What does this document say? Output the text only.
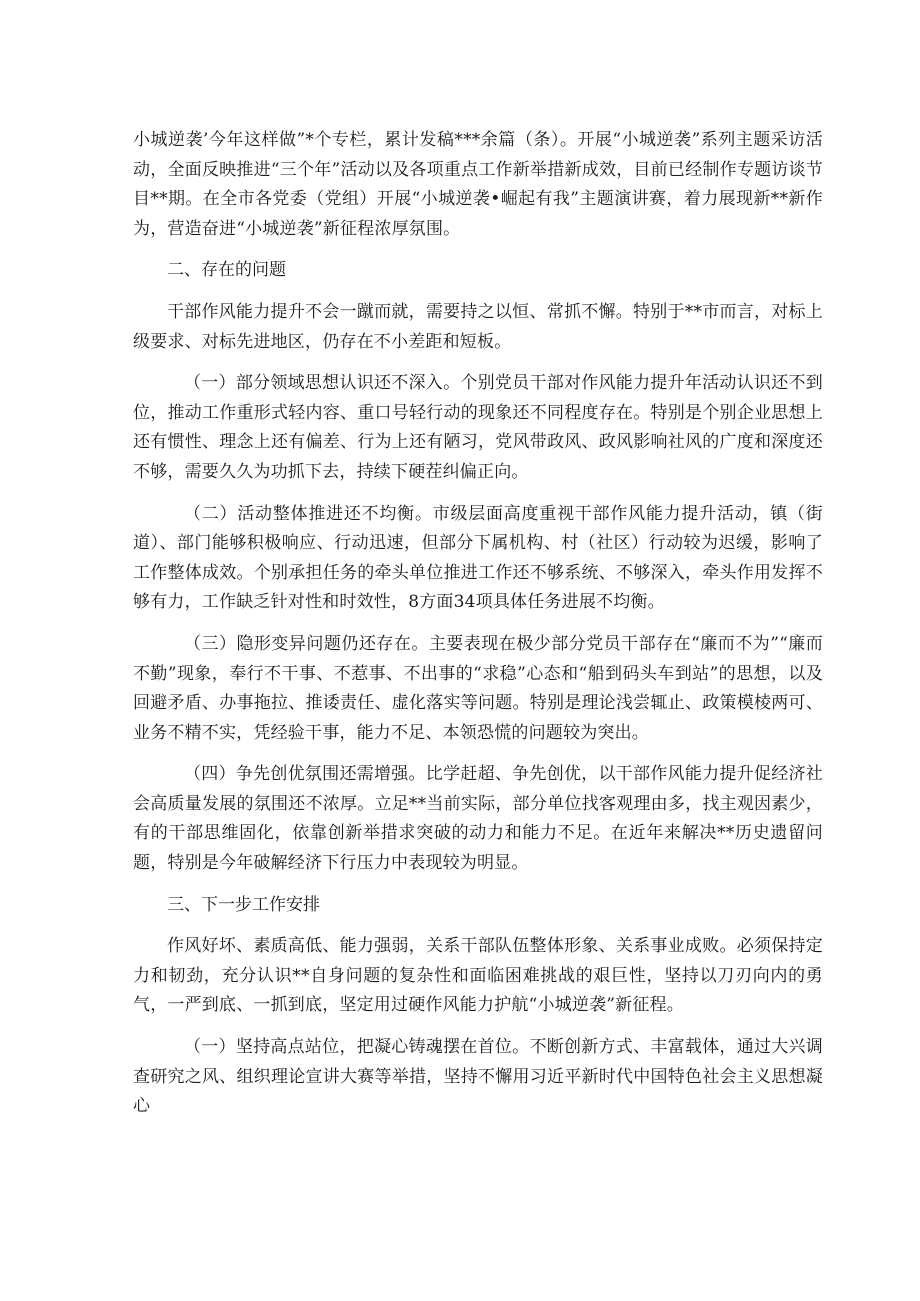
小城逆袭’今年这样做”*个专栏，累计发稿***余篇（条）。开展“小城逆袭”系列主题采访活动，全面反映推进“三个年”活动以及各项重点工作新举措新成效，目前已经制作专题访谈节目**期。在全市各党委（党组）开展“小城逆袭•崛起有我”主题演讲赛，着力展现新**新作为，营造奋进“小城逆袭”新征程浓厚氛围。

二、存在的问题

干部作风能力提升不会一蹴而就，需要持之以恒、常抓不懈。特别于**市而言，对标上级要求、对标先进地区，仍存在不小差距和短板。

（一）部分领域思想认识还不深入。个别党员干部对作风能力提升年活动认识还不到位，推动工作重形式轻内容、重口号轻行动的现象还不同程度存在。特别是个别企业思想上还有惯性、理念上还有偏差、行为上还有陋习，党风带政风、政风影响社风的广度和深度还不够，需要久久为功抓下去，持续下硬茬纠偏正向。

（二）活动整体推进还不均衡。市级层面高度重视干部作风能力提升活动，镇（街道）、部门能够积极响应、行动迅速，但部分下属机构、村（社区）行动较为迟缓，影响了工作整体成效。个别承担任务的牵头单位推进工作还不够系统、不够深入，牵头作用发挥不够有力，工作缺乏针对性和时效性，8方面34项具体任务进展不均衡。

（三）隐形变异问题仍还存在。主要表现在极少部分党员干部存在“廉而不为”“廉而不勤”现象，奉行不干事、不惹事、不出事的“求稳”心态和“船到码头车到站”的思想，以及回避矛盾、办事拖拉、推诿责任、虚化落实等问题。特别是理论浅尝辄止、政策模棱两可、业务不精不实，凭经验干事，能力不足、本领恐慌的问题较为突出。

（四）争先创优氛围还需增强。比学赶超、争先创优，以干部作风能力提升促经济社会高质量发展的氛围还不浓厚。立足**当前实际，部分单位找客观理由多，找主观因素少，有的干部思维固化，依靠创新举措求突破的动力和能力不足。在近年来解决**历史遗留问题，特别是今年破解经济下行压力中表现较为明显。

三、下一步工作安排

作风好坏、素质高低、能力强弱，关系干部队伍整体形象、关系事业成败。必须保持定力和韧劲，充分认识**自身问题的复杂性和面临困难挑战的艰巨性，坚持以刀刃向内的勇气，一严到底、一抓到底，坚定用过硬作风能力护航“小城逆袭”新征程。

（一）坚持高点站位，把凝心铸魂摆在首位。不断创新方式、丰富载体，通过大兴调查研究之风、组织理论宣讲大赛等举措，坚持不懈用习近平新时代中国特色社会主义思想凝心
